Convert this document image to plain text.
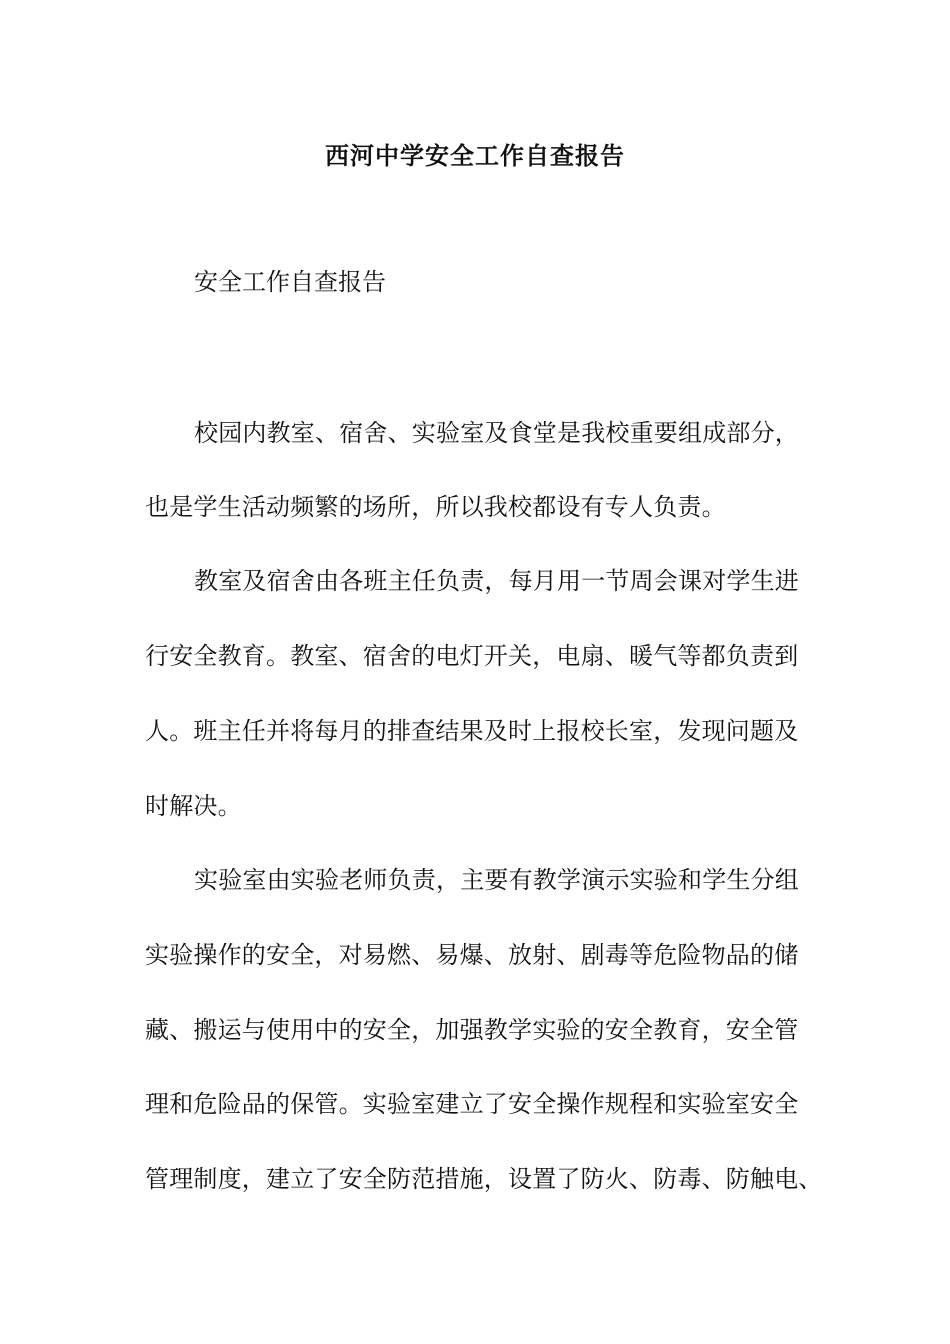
西河中学安全工作自查报告
安全工作自查报告
校园内教室、宿舍、实验室及食堂是我校重要组成部分，
也是学生活动频繁的场所，所以我校都设有专人负责。
教室及宿舍由各班主任负责，每月用一节周会课对学生进
行安全教育。教室、宿舍的电灯开关，电扇、暖气等都负责到
人。班主任并将每月的排查结果及时上报校长室，发现问题及
时解决。
实验室由实验老师负责，主要有教学演示实验和学生分组
实验操作的安全，对易燃、易爆、放射、剧毒等危险物品的储
藏、搬运与使用中的安全，加强教学实验的安全教育，安全管
理和危险品的保管。实验室建立了安全操作规程和实验室安全
管理制度，建立了安全防范措施，设置了防火、防毒、防触电、
